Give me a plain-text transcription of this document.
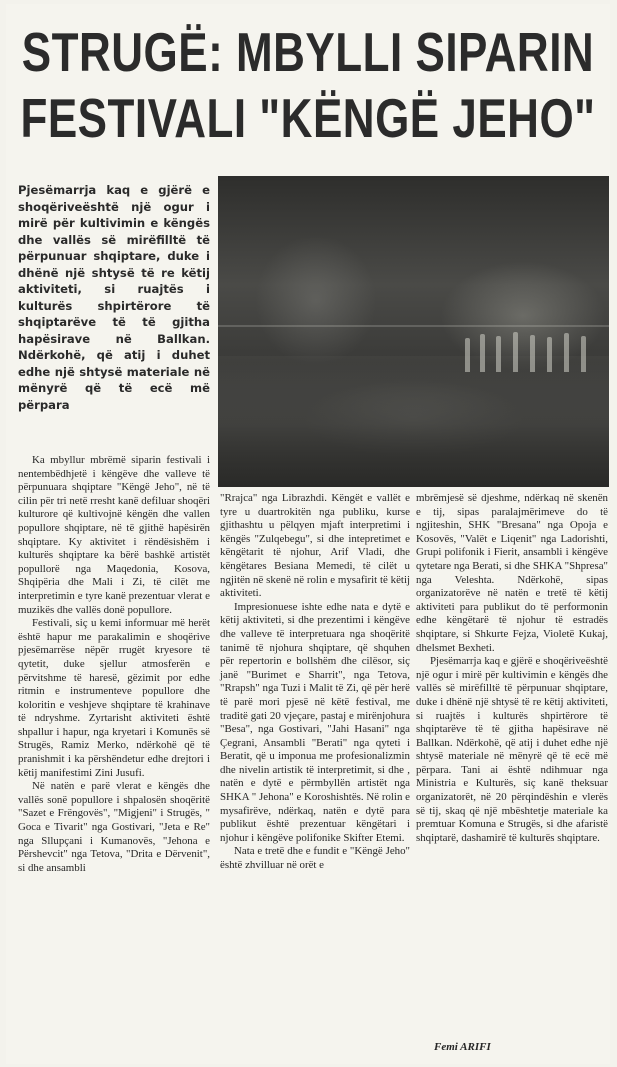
STRUGË: MBYLLI SIPARIN
FESTIVALI "KËNGË JEHO"
Pjesëmarrja kaq e gjërë e shoqëriveështë një ogur i mirë për kultivimin e këngës dhe vallës së mirëfilltë të përpunuar shqiptare, duke i dhënë një shtysë të re këtij aktiviteti, si ruajtës i kulturës shpirtërore të shqiptarëve të të gjitha hapësirave në Ballkan. Ndërkohë, që atij i duhet edhe një shtysë materiale në mënyrë që të ecë më përpara

Ka mbyllur mbrëmë siparin festivali i nentembëdhjetë i këngëve dhe valleve të përpunuara shqiptare "Këngë Jeho", në të cilin për tri netë rresht kanë defiluar shoqëri kulturore që kultivojnë këngën dhe vallen popullore shqiptare, në të gjithë hapësirën shqiptare. Ky aktivitet i rëndësishëm i kulturës shqiptare ka bërë bashkë artistët popullorë nga Maqedonia, Kosova, Shqipëria dhe Mali i Zi, të cilët me interpretimin e tyre kanë prezentuar vlerat e muzikës dhe vallës donë popullore.

Festivali, siç u kemi informuar më herët është hapur me parakalimin e shoqërive pjesëmarrëse nëpër rrugët kryesore të qytetit, duke sjellur atmosferën e përvitshme të haresë, gëzimit por edhe ritmin e instrumenteve popullore dhe koloritin e veshjeve shqiptare të krahinave të ndryshme. Zyrtarisht aktiviteti është shpallur i hapur, nga kryetari i Komunës së Strugës, Ramiz Merko, ndërkohë që të pranishmit i ka përshëndetur edhe drejtori i këtij manifestimi Zini Jusufi.

Në natën e parë vlerat e këngës dhe vallës sonë popullore i shpalosën shoqëritë "Sazet e Frëngovës", "Migjeni" i Strugës, " Goca e Tivarit" nga Gostivari, "Jeta e Re" nga Sllupçani i Kumanovës, "Jehona e Përshevcit" nga Tetova, "Drita e Dërvenit", si dhe ansambli

"Rrajca" nga Librazhdi. Këngët e vallët e tyre u duartrokitën nga publiku, kurse gjithashtu u pëlqyen mjaft interpretimi i këngës "Zulqebegu", si dhe intepretimet e këngëtarit të njohur, Arif Vladi, dhe këngëtares Besiana Memedi, të cilët u ngjitën në skenë në rolin e mysafirit të këtij aktiviteti.

Impresionuese ishte edhe nata e dytë e këtij aktiviteti, si dhe prezentimi i këngëve dhe valleve të interpretuara nga shoqëritë tanimë të njohura shqiptare, që shquhen për repertorin e bollshëm dhe cilësor, siç janë "Burimet e Sharrit", nga Tetova, "Rrapsh" nga Tuzi i Malit të Zi, që për herë të parë mori pjesë në këtë festival, me traditë gati 20 vjeçare, pastaj e mirënjohura "Besa", nga Gostivari, "Jahi Hasani" nga Çegrani, Ansambli "Berati" nga qyteti i Beratit, që u imponua me profesionalizmin dhe nivelin artistik të interpretimit, si dhe , natën e dytë e përmbyllën artistët nga SHKA " Jehona" e Koroshishtës. Në rolin e mysafirëve, ndërkaq, natën e dytë para publikut është prezentuar këngëtari i njohur i këngëve polifonike Skifter Etemi.

Nata e tretë dhe e fundit e "Këngë Jeho" është zhvilluar në orët e

mbrëmjesë së djeshme, ndërkaq në skenën e tij, sipas paralajmërimeve do të ngjiteshin, SHK "Bresana" nga Opoja e Kosovës, "Valët e Liqenit" nga Ladorishti, Grupi polifonik i Fierit, ansambli i këngëve qytetare nga Berati, si dhe SHKA "Shpresa" nga Veleshta. Ndërkohë, sipas organizatorëve në natën e tretë të këtij aktiviteti para publikut do të performonin edhe këngëtarë të njohur të estradës shqiptare, si Shkurte Fejza, Violetë Kukaj, dhelsmet Bexheti.

Pjesëmarrja kaq e gjërë e shoqëriveështë një ogur i mirë për kultivimin e këngës dhe vallës së mirëfilltë të përpunuar shqiptare, duke i dhënë një shtysë të re këtij aktiviteti, si ruajtës i kulturës shpirtërore të shqiptarëve të të gjitha hapësirave në Ballkan. Ndërkohë, që atij i duhet edhe një shtysë materiale në mënyrë që të ecë më përpara. Tani ai është ndihmuar nga Ministria e Kulturës, siç kanë theksuar organizatorët, në 20 përqindëshin e vlerës së tij, skaq që një mbështetje materiale ka premtuar Komuna e Strugës, si dhe afaristë shqiptarë, dashamirë të kulturës shqiptare.

Femi ARIFI
